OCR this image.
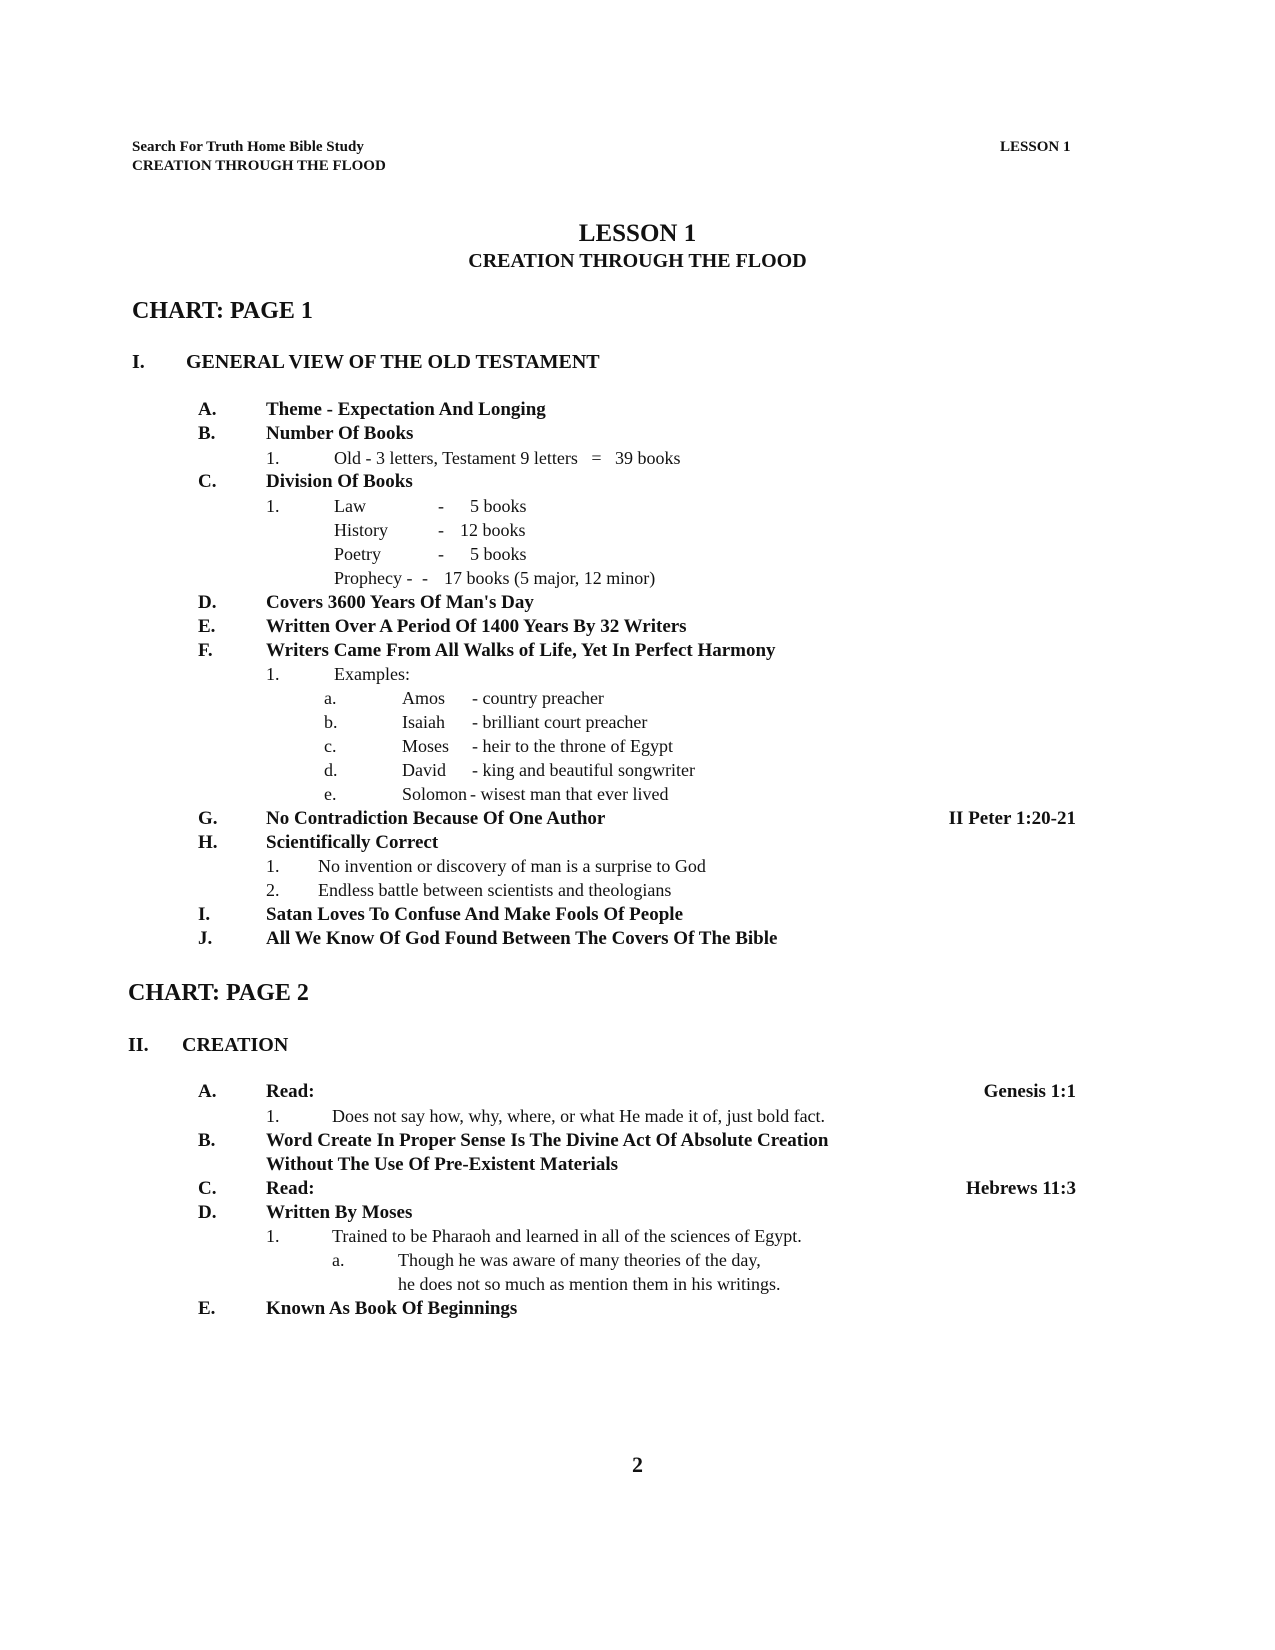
Search For Truth Home Bible Study
CREATION THROUGH THE FLOOD
LESSON 1
LESSON 1
CREATION THROUGH THE FLOOD
CHART: PAGE 1
I. GENERAL VIEW OF THE OLD TESTAMENT
A.	Theme - Expectation And Longing
B.	Number Of Books
1.	Old - 3 letters, Testament 9 letters   =   39 books
C.	Division Of Books
1.	Law	- 5 books
History	- 12 books
Poetry	- 5 books
Prophecy - - 17 books (5 major, 12 minor)
D.	Covers 3600 Years Of Man's Day
E.	Written Over A Period Of 1400 Years By 32 Writers
F.	Writers Came From All Walks of Life, Yet In Perfect Harmony
1.	Examples:
a.	Amos - country preacher
b.	Isaiah - brilliant court preacher
c.	Moses - heir to the throne of Egypt
d.	David - king and beautiful songwriter
e.	Solomon - wisest man that ever lived
G.	No Contradiction Because Of One Author	II Peter 1:20-21
H.	Scientifically Correct
1. No invention or discovery of man is a surprise to God
2. Endless battle between scientists and theologians
I.	Satan Loves To Confuse And Make Fools Of People
J.	All We Know Of God Found Between The Covers Of The Bible
CHART: PAGE 2
II. CREATION
A.	Read:	Genesis 1:1
1.	Does not say how, why, where, or what He made it of, just bold fact.
B.	Word Create In Proper Sense Is The Divine Act Of Absolute Creation
Without The Use Of Pre-Existent Materials
C.	Read:	Hebrews 11:3
D.	Written By Moses
1.	Trained to be Pharaoh and learned in all of the sciences of Egypt.
a.	Though he was aware of many theories of the day,
he does not so much as mention them in his writings.
E.	Known As Book Of Beginnings
2
